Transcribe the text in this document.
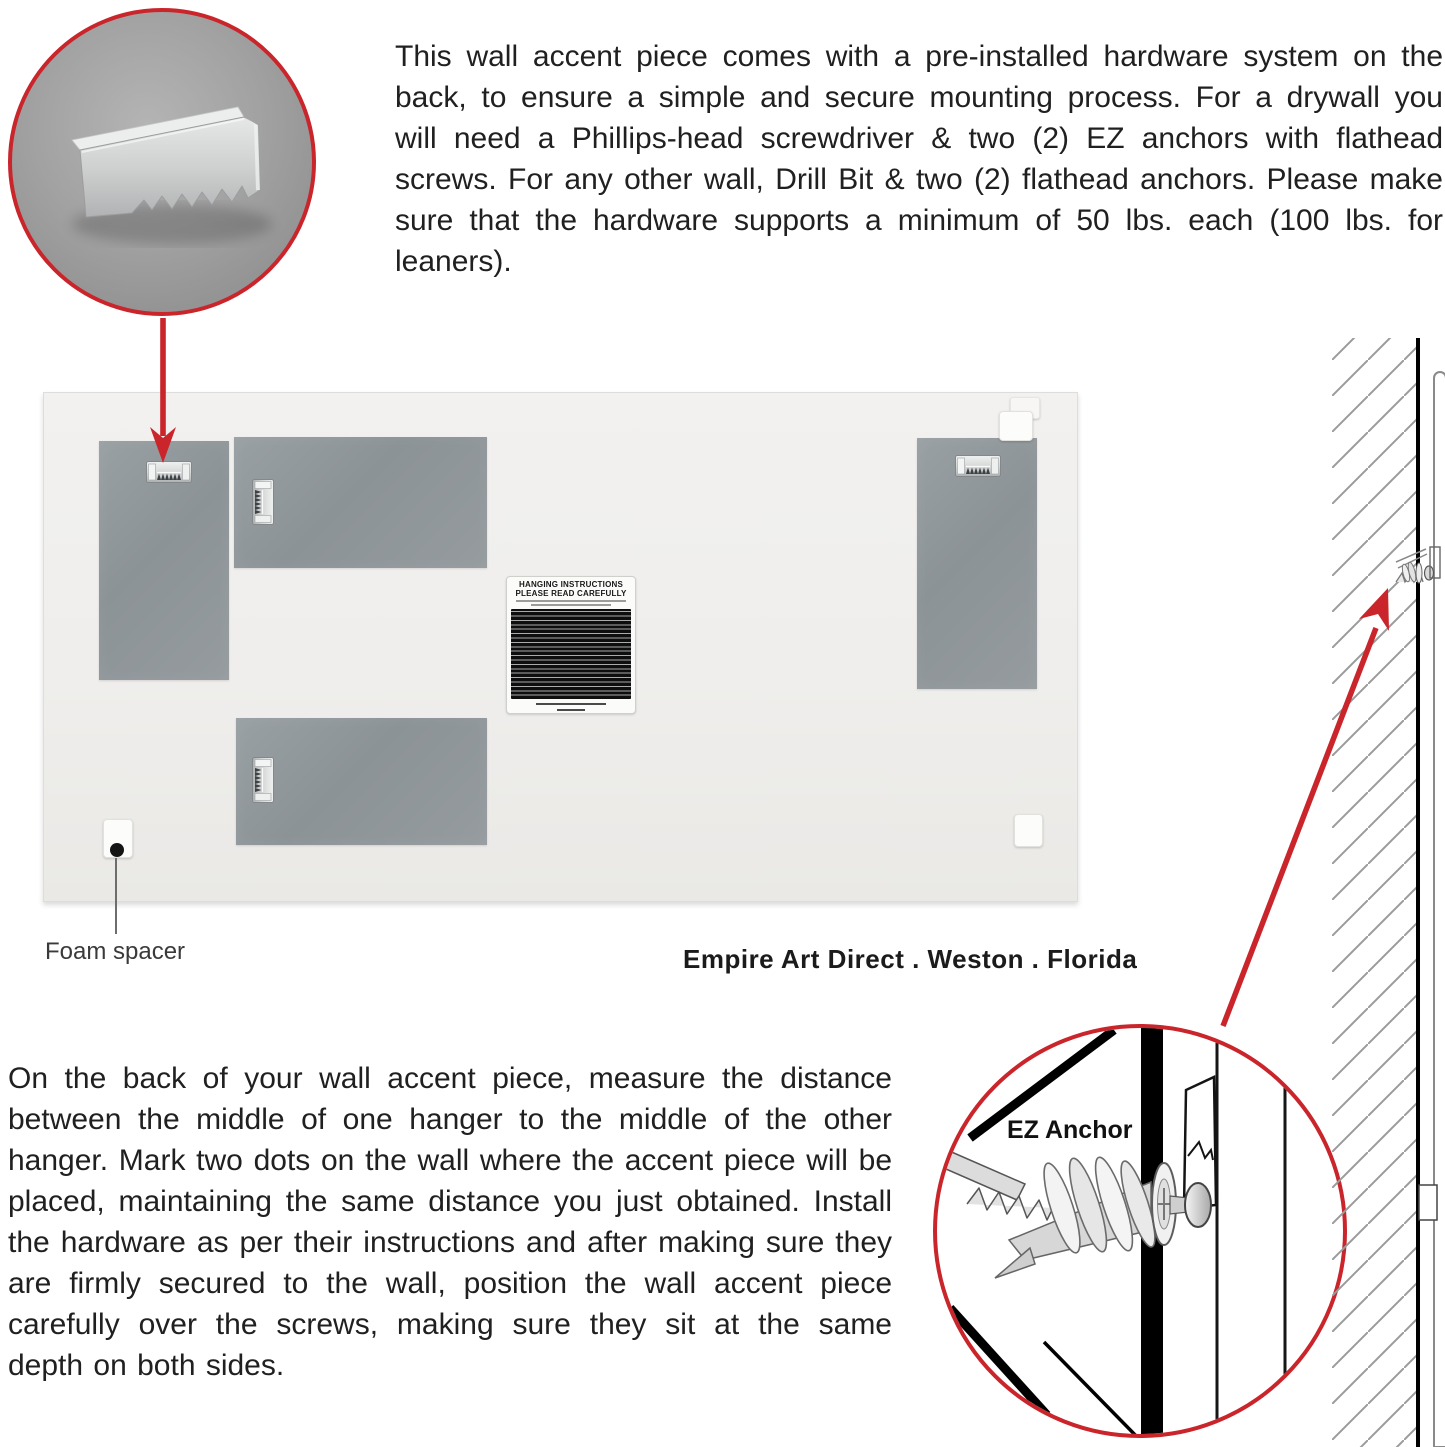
This wall accent piece comes with a pre-installed hardware system on the back, to ensure a simple and secure mounting process. For a drywall you will need a Phillips-head screwdriver & two (2) EZ anchors with flathead screws. For any other wall, Drill Bit & two (2) flathead anchors. Please make sure that the hardware supports a minimum of 50 lbs. each (100 lbs. for leaners).
HANGING INSTRUCTIONS
PLEASE READ CAREFULLY
Foam spacer	Empire Art Direct . Weston . Florida
On the back of your wall accent piece, measure the distance between the middle of one hanger to the middle of the other hanger. Mark two dots on the wall where the accent piece will be placed, maintaining the same distance you just obtained. Install the hardware as per their instructions and after making sure they are firmly secured to the wall, position the wall accent piece carefully over the screws, making sure they sit at the same depth on both sides.
EZ Anchor
